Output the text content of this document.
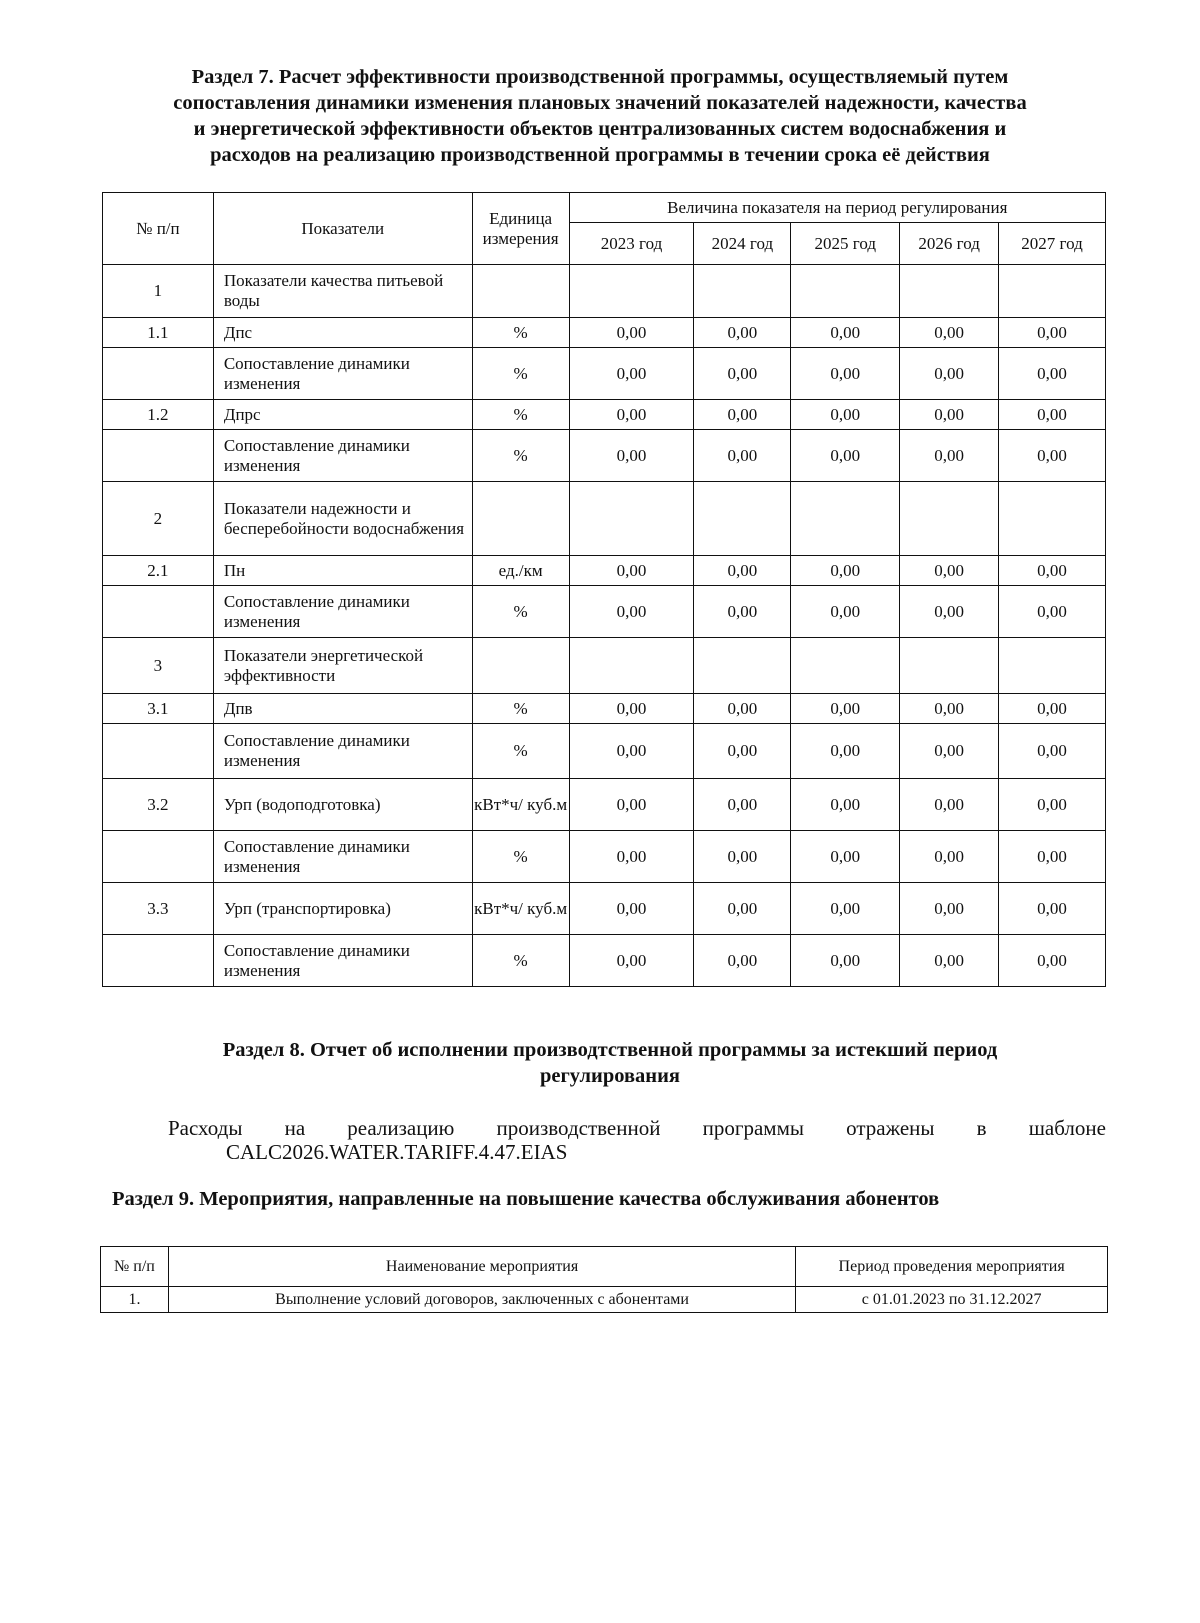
Раздел 7. Расчет эффективности производственной программы, осуществляемый путем
сопоставления динамики изменения плановых значений показателей надежности, качества
и энергетической эффективности объектов централизованных систем водоснабжения и
расходов на реализацию производственной программы в течении срока её действия
№ п/п	Показатели	Единица измерения	Величина показателя на период регулирования				
			2023 год	2024 год	2025 год	2026 год	2027 год
1	Показатели качества питьевой воды						
1.1	Дпс	%	0,00	0,00	0,00	0,00	0,00
	Сопоставление динамики изменения	%	0,00	0,00	0,00	0,00	0,00
1.2	Дпрс	%	0,00	0,00	0,00	0,00	0,00
	Сопоставление динамики изменения	%	0,00	0,00	0,00	0,00	0,00
2	Показатели надежности и бесперебойности водоснабжения						
2.1	Пн	ед./км	0,00	0,00	0,00	0,00	0,00
	Сопоставление динамики изменения	%	0,00	0,00	0,00	0,00	0,00
3	Показатели энергетической эффективности						
3.1	Дпв	%	0,00	0,00	0,00	0,00	0,00
	Сопоставление динамики изменения	%	0,00	0,00	0,00	0,00	0,00
3.2	Урп (водоподготовка)	кВт*ч/ куб.м	0,00	0,00	0,00	0,00	0,00
	Сопоставление динамики изменения	%	0,00	0,00	0,00	0,00	0,00
3.3	Урп (транспортировка)	кВт*ч/ куб.м	0,00	0,00	0,00	0,00	0,00
	Сопоставление динамики изменения	%	0,00	0,00	0,00	0,00	0,00
Раздел 8. Отчет об исполнении производтственной программы за истекший период
регулирования
Расходы на реализацию производственной программы отражены в шаблоне
CALC2026.WATER.TARIFF.4.47.EIAS
Раздел 9. Мероприятия, направленные на повышение качества обслуживания абонентов
№ п/п	Наименование мероприятия	Период проведения мероприятия
1.	Выполнение условий договоров, заключенных с абонентами	с 01.01.2023 по 31.12.2027
